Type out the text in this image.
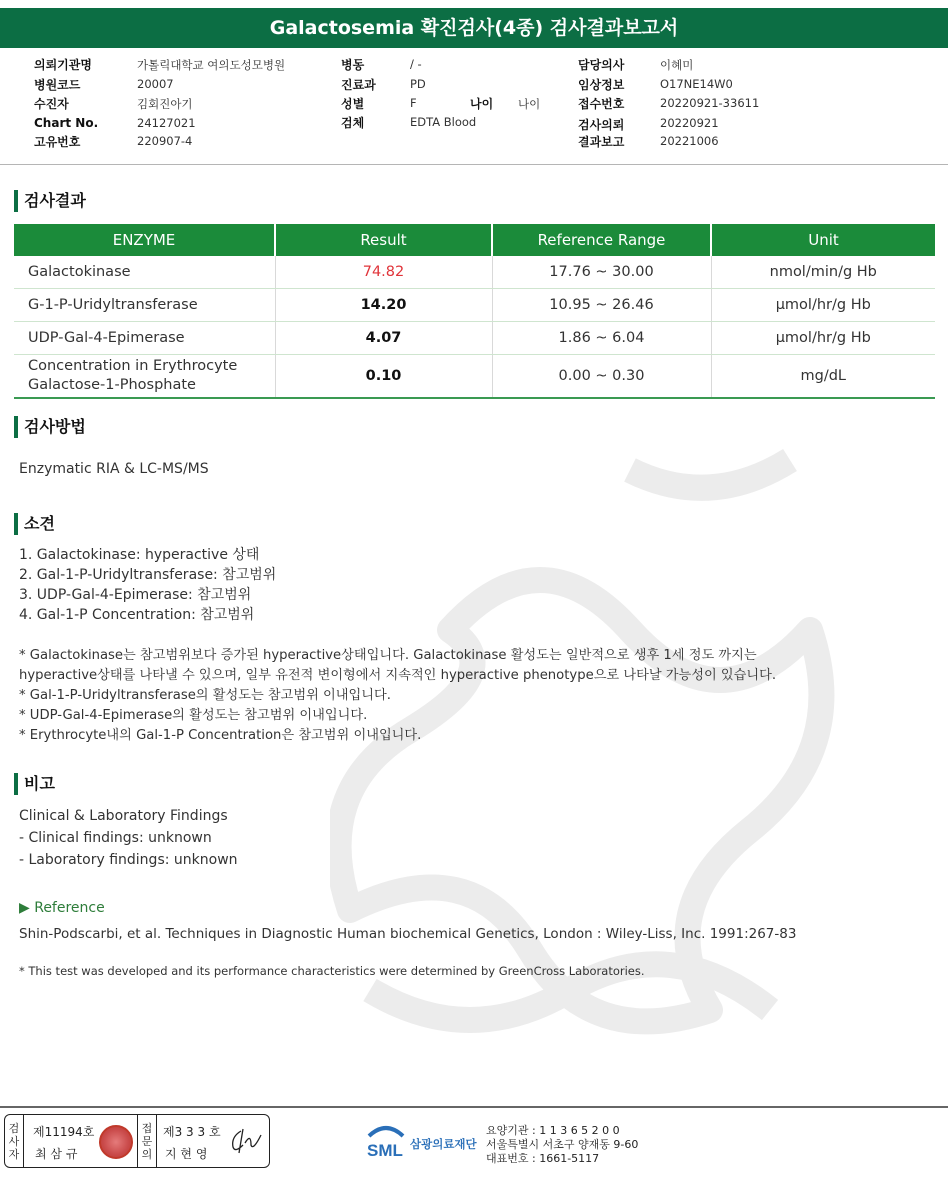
Galactosemia 확진검사(4종) 검사결과보고서
의뢰기관명	가톨릭대학교 여의도성모병원
병원코드	20007
수진자	김회진아기
Chart No.	24127021
고유번호	220907-4
병동	/ -
진료과	PD
성별	F	나이 나이
검체	EDTA Blood
담당의사	이혜미
임상정보	O17NE14W0
접수번호	20220921-33611
검사의뢰	20220921
결과보고	20221006
검사결과
ENZYME	Result	Reference Range	Unit
Galactokinase	74.82	17.76 ~ 30.00	nmol/min/g Hb
G-1-P-Uridyltransferase	14.20	10.95 ~ 26.46	μmol/hr/g Hb
UDP-Gal-4-Epimerase	4.07	1.86 ~ 6.04	μmol/hr/g Hb

Concentration in Erythrocyte
Galactose-1-Phosphate	0.10	0.00 ~ 0.30	mg/dL
검사방법
Enzymatic RIA & LC-MS/MS
소견
1. Galactokinase: hyperactive 상태
2. Gal-1-P-Uridyltransferase: 참고범위
3. UDP-Gal-4-Epimerase: 참고범위
4. Gal-1-P Concentration: 참고범위
* Galactokinase는 참고범위보다 증가된 hyperactive상태입니다. Galactokinase 활성도는 일반적으로 생후 1세 정도 까지는
hyperactive상태를 나타낼 수 있으며, 일부 유전적 변이형에서 지속적인 hyperactive phenotype으로 나타날 가능성이 있습니다.
* Gal-1-P-Uridyltransferase의 활성도는 참고범위 이내입니다.
* UDP-Gal-4-Epimerase의 활성도는 참고범위 이내입니다.
* Erythrocyte내의 Gal-1-P Concentration은 참고범위 이내입니다.
비고
Clinical & Laboratory Findings
- Clinical findings: unknown
- Laboratory findings: unknown
▶ Reference
Shin-Podscarbi, et al. Techniques in Diagnostic Human biochemical Genetics, London : Wiley-Liss, Inc. 1991:267-83
* This test was developed and its performance characteristics were determined by GreenCross Laboratories.
검
사
자
제11194호
최 삼 규
접
문
의
제3 3 3 호
지 현 영	SML 삼광의료재단
요양기관 : 1 1 3 6 5 2 0 0
서울특별시 서초구 양재동 9-60
대표번호 : 1661-5117
